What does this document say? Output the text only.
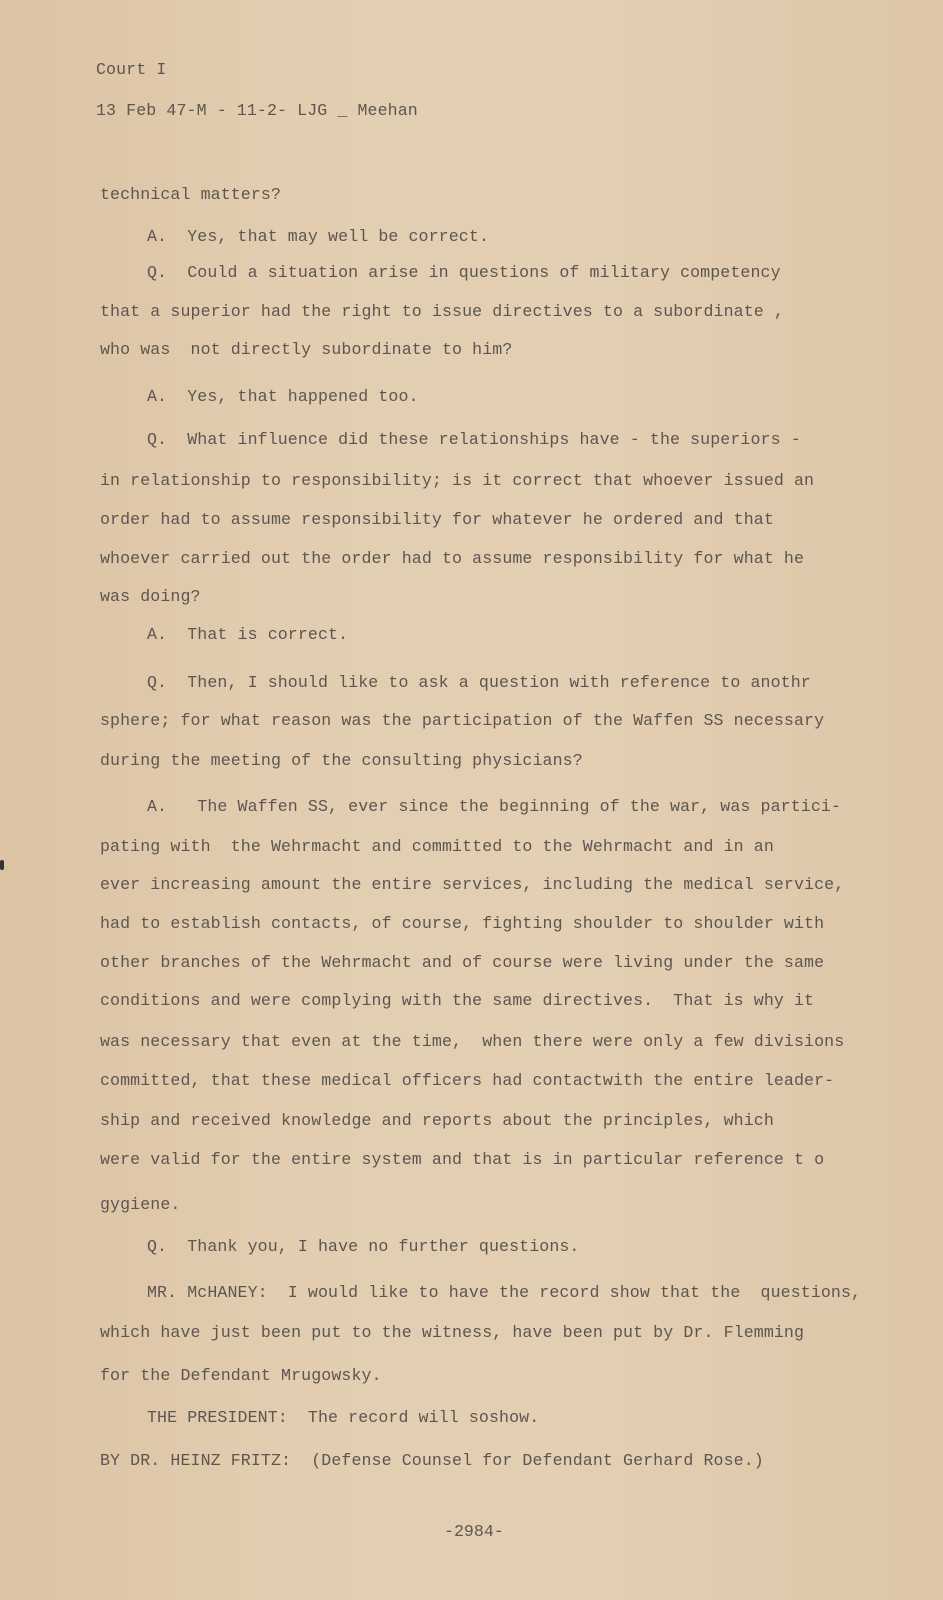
Court I
13 Feb 47-M - 11-2- LJG _ Meehan
technical matters?
A.  Yes, that may well be correct.
Q.  Could a situation arise in questions of military competency
that a superior had the right to issue directives to a subordinate ,
who was  not directly subordinate to him?
A.  Yes, that happened too.
Q.  What influence did these relationships have - the superiors -
in relationship to responsibility; is it correct that whoever issued an
order had to assume responsibility for whatever he ordered and that
whoever carried out the order had to assume responsibility for what he
was doing?
A.  That is correct.
Q.  Then, I should like to ask a question with reference to anothr
sphere; for what reason was the participation of the Waffen SS necessary
during the meeting of the consulting physicians?
A.   The Waffen SS, ever since the beginning of the war, was partici-
pating with  the Wehrmacht and committed to the Wehrmacht and in an
ever increasing amount the entire services, including the medical service,
had to establish contacts, of course, fighting shoulder to shoulder with
other branches of the Wehrmacht and of course were living under the same
conditions and were complying with the same directives.  That is why it
was necessary that even at the time,  when there were only a few divisions
committed, that these medical officers had contactwith the entire leader-
ship and received knowledge and reports about the principles, which
were valid for the entire system and that is in particular reference t o
gygiene.
Q.  Thank you, I have no further questions.
MR. McHANEY:  I would like to have the record show that the  questions,
which have just been put to the witness, have been put by Dr. Flemming
for the Defendant Mrugowsky.
THE PRESIDENT:  The record will soshow.
BY DR. HEINZ FRITZ:  (Defense Counsel for Defendant Gerhard Rose.)
-2984-
